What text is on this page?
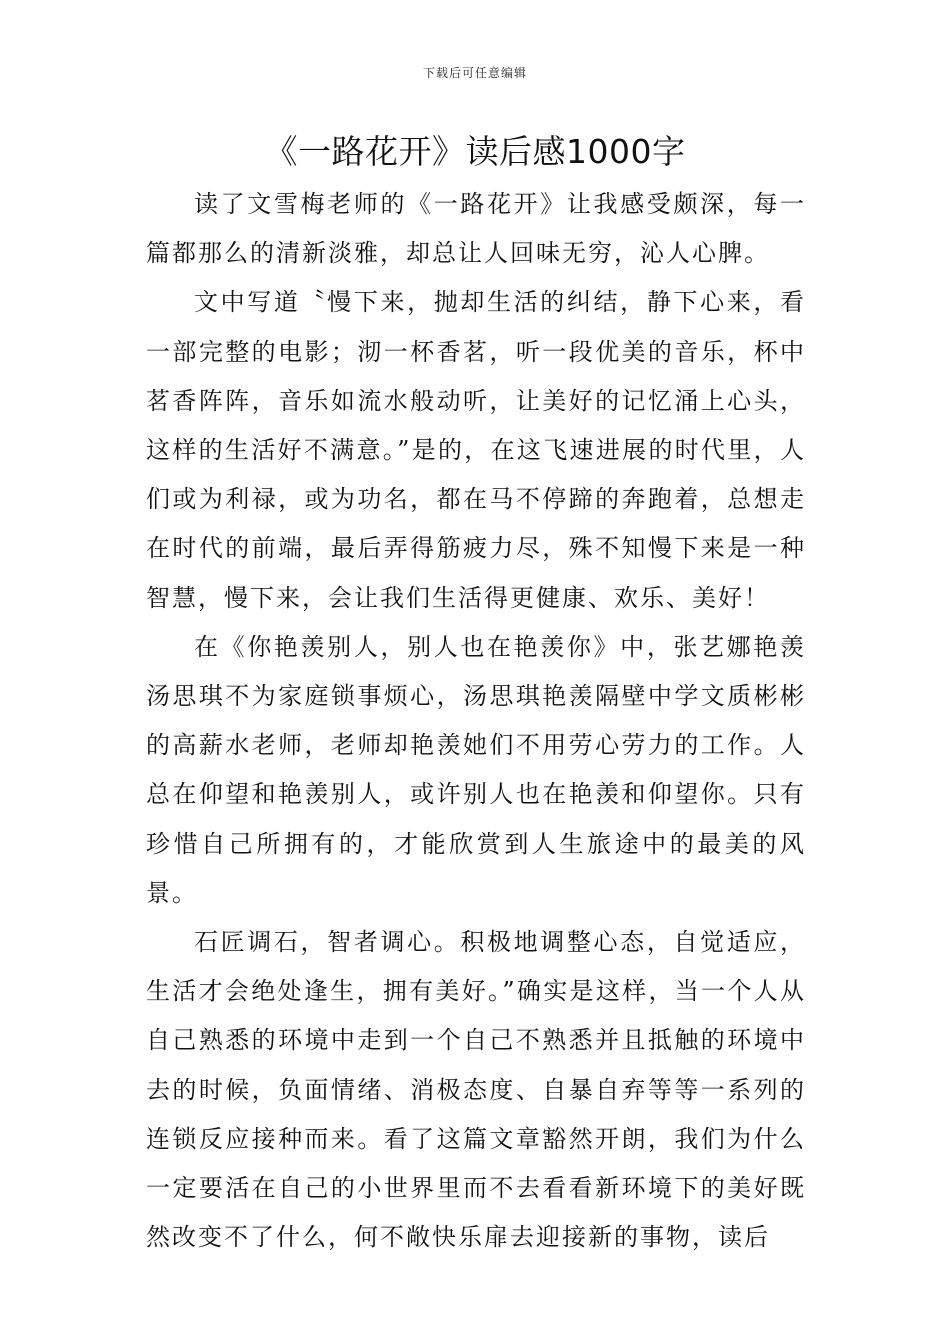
下载后可任意编辑
《一路花开》读后感1000字

读了文雪梅老师的《一路花开》让我感受颇深，每一篇都那么的清新淡雅，却总让人回味无穷，沁人心脾。

文中写道〝慢下来，抛却生活的纠结，静下心来，看一部完整的电影；沏一杯香茗，听一段优美的音乐，杯中茗香阵阵，音乐如流水般动听，让美好的记忆涌上心头，这样的生活好不满意。”是的，在这飞速进展的时代里，人们或为利禄，或为功名，都在马不停蹄的奔跑着，总想走在时代的前端，最后弄得筋疲力尽，殊不知慢下来是一种智慧，慢下来，会让我们生活得更健康、欢乐、美好！

在《你艳羡别人，别人也在艳羡你》中，张艺娜艳羡汤思琪不为家庭锁事烦心，汤思琪艳羡隔壁中学文质彬彬的高薪水老师，老师却艳羡她们不用劳心劳力的工作。人总在仰望和艳羡别人，或许别人也在艳羡和仰望你。只有珍惜自己所拥有的，才能欣赏到人生旅途中的最美的风景。

石匠调石，智者调心。积极地调整心态，自觉适应，生活才会绝处逢生，拥有美好。”确实是这样，当一个人从自己熟悉的环境中走到一个自己不熟悉并且抵触的环境中去的时候，负面情绪、消极态度、自暴自弃等等一系列的连锁反应接种而来。看了这篇文章豁然开朗，我们为什么一定要活在自己的小世界里而不去看看新环境下的美好既然改变不了什么，何不敞快乐扉去迎接新的事物，读后
